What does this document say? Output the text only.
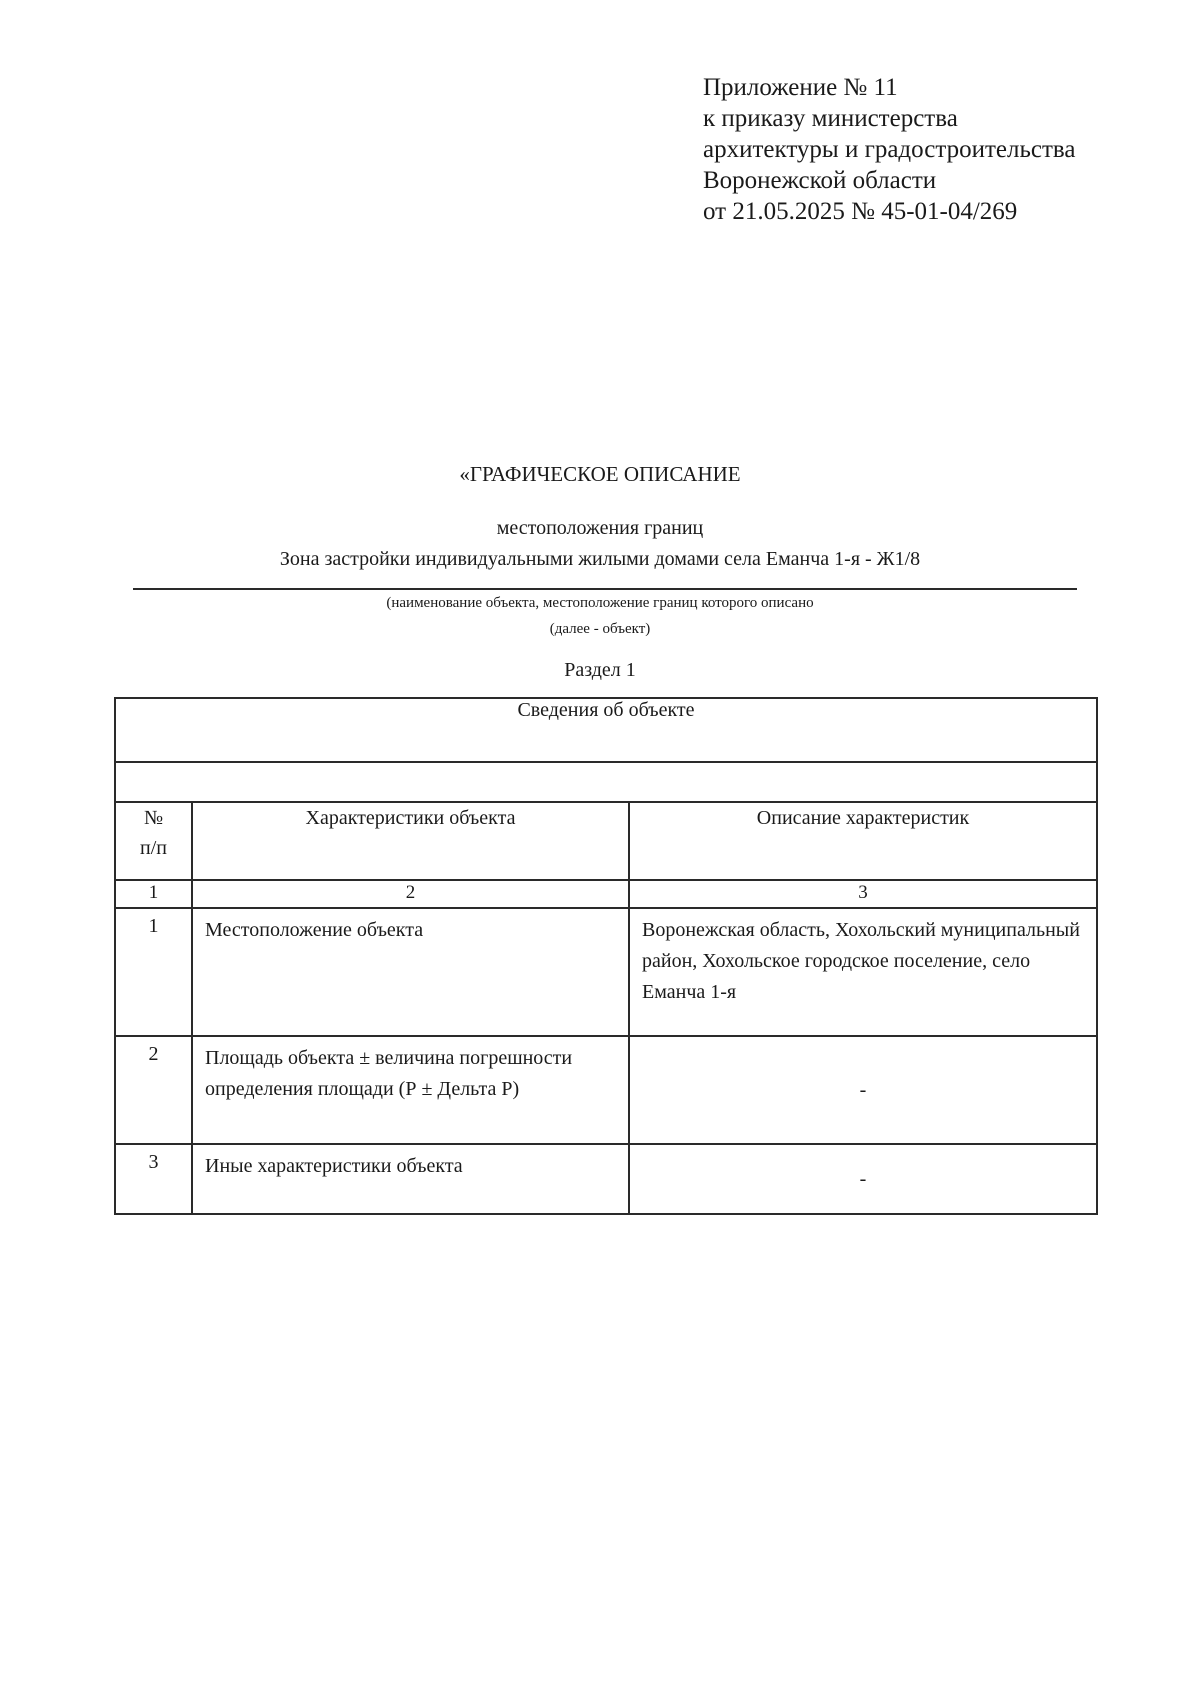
Приложение № 11
к приказу министерства
архитектуры и градостроительства
Воронежской области
от 21.05.2025 № 45-01-04/269
«ГРАФИЧЕСКОЕ ОПИСАНИЕ
местоположения границ
Зона застройки индивидуальными жилыми домами села Еманча 1-я - Ж1/8
(наименование объекта, местоположение границ которого описано
(далее - объект)
Раздел 1
Сведения об объекте		

№ п/п	Характеристики объекта	Описание характеристик
1	2	3
1	Местоположение объекта	Воронежская область, Хохольский муниципальный район, Хохольское городское поселение, село Еманча 1-я
2	Площадь объекта ± величина погрешности определения площади (Р ± Дельта Р)	-
3	Иные характеристики объекта	-
